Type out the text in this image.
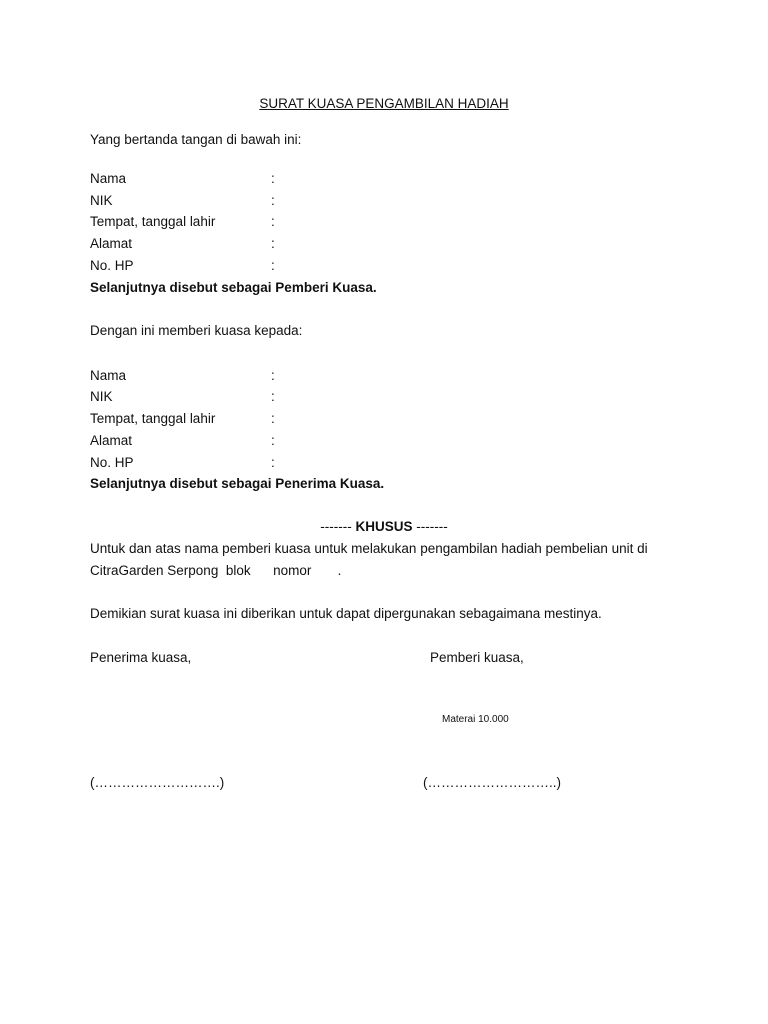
SURAT KUASA PENGAMBILAN HADIAH
Yang bertanda tangan di bawah ini:
Nama	:
NIK	:
Tempat, tanggal lahir	:
Alamat	:
No. HP	:
Selanjutnya disebut sebagai Pemberi Kuasa.
Dengan ini memberi kuasa kepada:
Nama	:
NIK	:
Tempat, tanggal lahir	:
Alamat	:
No. HP	:
Selanjutnya disebut sebagai Penerima Kuasa.
------- KHUSUS -------
Untuk dan atas nama pemberi kuasa untuk melakukan pengambilan hadiah pembelian unit di
CitraGarden Serpong  blok      nomor       .
Demikian surat kuasa ini diberikan untuk dapat dipergunakan sebagaimana mestinya.
Penerima kuasa,	Pemberi kuasa,
Materai 10.000
(……………………….)	(………………………..)
